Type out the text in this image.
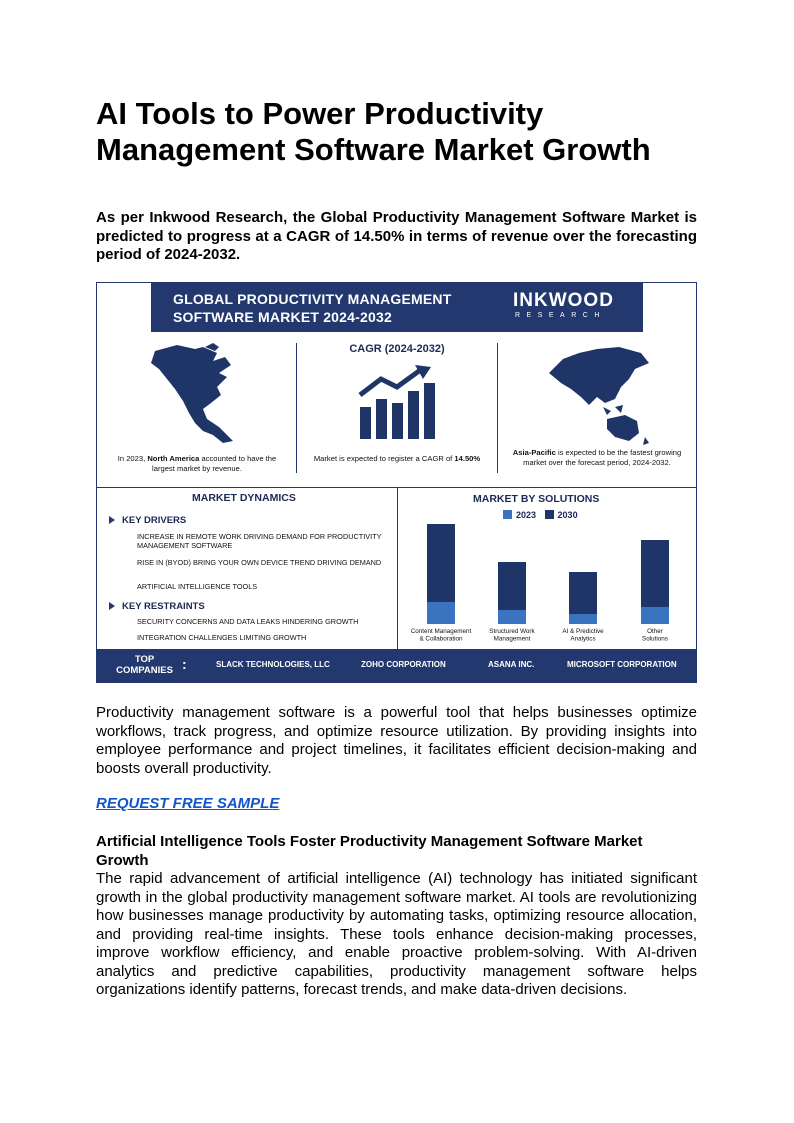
AI Tools to Power Productivity Management Software Market Growth

As per Inkwood Research, the Global Productivity Management Software Market is predicted to progress at a CAGR of 14.50% in terms of revenue over the forecasting period of 2024-2032.

GLOBAL PRODUCTIVITY MANAGEMENT SOFTWARE MARKET 2024-2032
INKWOOD
RESEARCH
In 2023, North America accounted to have the largest market by revenue.
CAGR (2024-2032)
Market is expected to register a CAGR of 14.50%
Asia-Pacific is expected to be the fastest growing market over the forecast period, 2024-2032.
MARKET DYNAMICS
KEY DRIVERS
INCREASE IN REMOTE WORK DRIVING DEMAND FOR PRODUCTIVITY MANAGEMENT SOFTWARE
RISE IN (BYOD) BRING YOUR OWN DEVICE TREND DRIVING DEMAND
ARTIFICIAL INTELLIGENCE TOOLS
KEY RESTRAINTS
SECURITY CONCERNS AND DATA LEAKS HINDERING GROWTH
INTEGRATION CHALLENGES LIMITING GROWTH
MARKET BY SOLUTIONS
2023 2030
Content Management & Collaboration
Structured Work Management
AI & Predictive Analytics
Other Solutions
TOP COMPANIES :	SLACK TECHNOLOGIES, LLC	ZOHO CORPORATION	ASANA INC.	MICROSOFT CORPORATION

Productivity management software is a powerful tool that helps businesses optimize workflows, track progress, and optimize resource utilization. By providing insights into employee performance and project timelines, it facilitates efficient decision-making and boosts overall productivity.

REQUEST FREE SAMPLE
Artificial Intelligence Tools Foster Productivity Management Software Market Growth

The rapid advancement of artificial intelligence (AI) technology has initiated significant growth in the global productivity management software market. AI tools are revolutionizing how businesses manage productivity by automating tasks, optimizing resource allocation, and providing real-time insights. These tools enhance decision-making processes, improve workflow efficiency, and enable proactive problem-solving. With AI-driven analytics and predictive capabilities, productivity management software helps organizations identify patterns, forecast trends, and make data-driven decisions.
